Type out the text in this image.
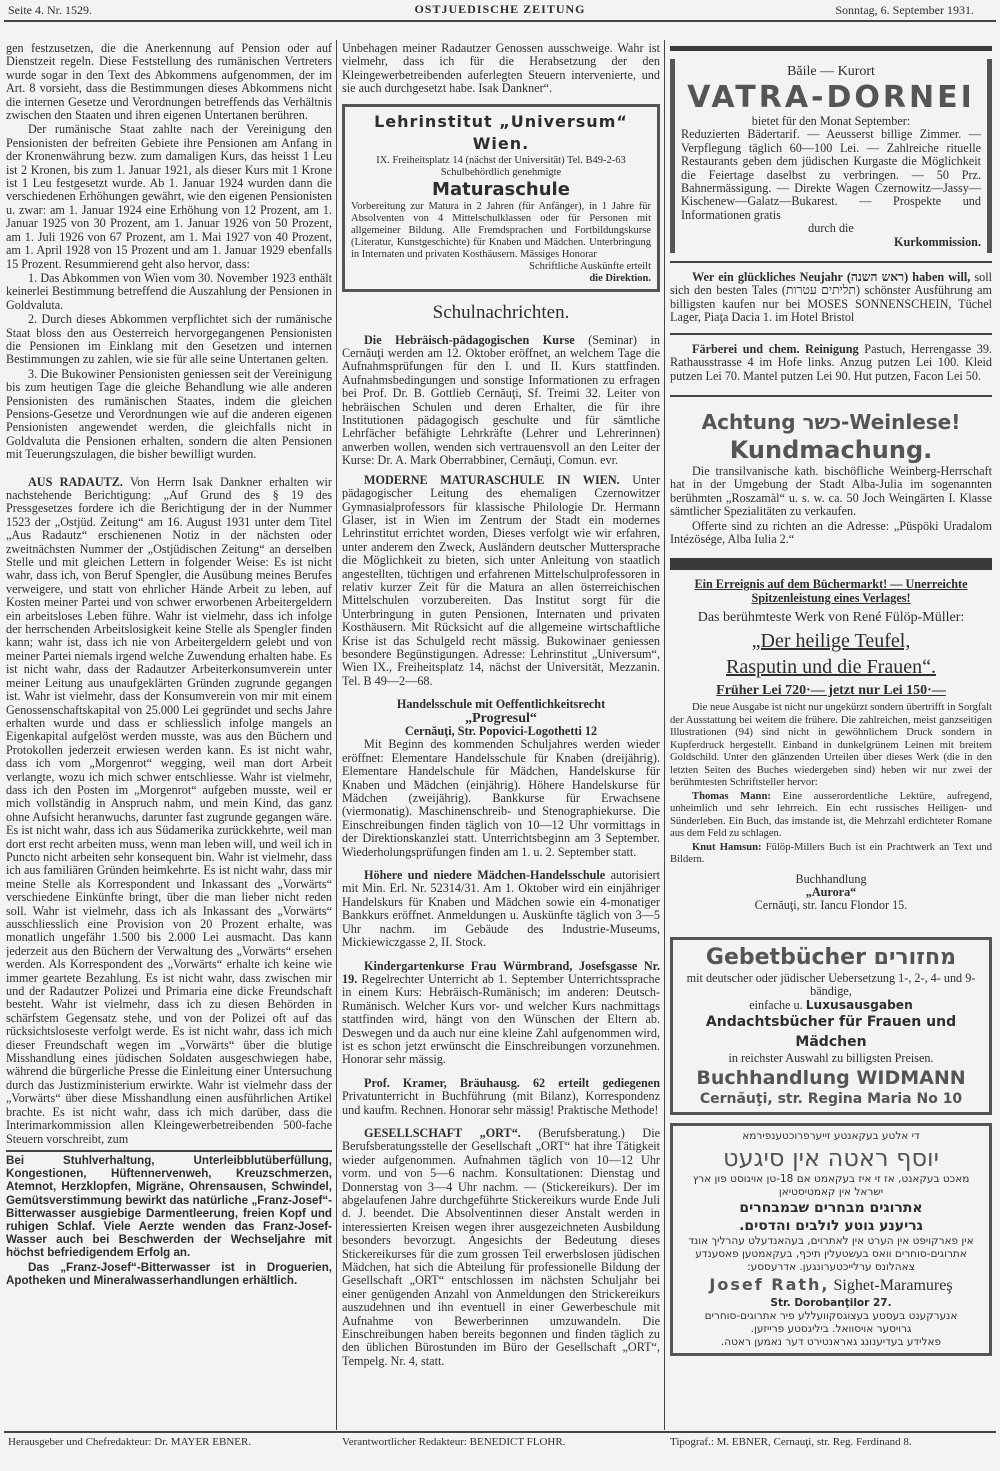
Seite 4. Nr. 1529.	OSTJUEDISCHE ZEITUNG	Sonntag, 6. September 1931.

gen festzusetzen, die die Anerkennung auf Pension oder auf Dienstzeit regeln. Diese Feststellung des rumänischen Vertreters wurde sogar in den Text des Abkommens aufgenommen, der im Art. 8 vorsieht, dass die Bestimmungen dieses Abkommens nicht die internen Gesetze und Verordnungen betreffends das Verhältnis zwischen den Staaten und ihren eigenen Untertanen berühren.

Der rumänische Staat zahlte nach der Vereinigung den Pensionisten der befreiten Gebiete ihre Pensionen am Anfang in der Kronenwährung bezw. zum damaligen Kurs, das heisst 1 Leu ist 2 Kronen, bis zum 1. Januar 1921, als dieser Kurs mit 1 Krone ist 1 Leu festgesetzt wurde. Ab 1. Januar 1924 wurden dann die verschiedenen Erhöhungen gewährt, wie den eigenen Pensionisten u. zwar: am 1. Januar 1924 eine Erhöhung von 12 Prozent, am 1. Januar 1925 von 30 Prozent, am 1. Januar 1926 von 50 Prozent, am 1. Juli 1926 von 67 Prozent, am 1. Mai 1927 von 40 Prozent, am 1. April 1928 von 15 Prozent und am 1. Januar 1929 ebenfalls 15 Prozent. Resummierend geht also hervor, dass:

1. Das Abkommen von Wien vom 30. November 1923 enthält keinerlei Bestimmung betreffend die Auszahlung der Pensionen in Goldvaluta.

2. Durch dieses Abkommen verpflichtet sich der rumänische Staat bloss den aus Oesterreich hervorgegangenen Pensionisten die Pensionen im Einklang mit den Gesetzen und internen Bestimmungen zu zahlen, wie sie für alle seine Untertanen gelten.

3. Die Bukowiner Pensionisten geniessen seit der Vereinigung bis zum heutigen Tage die gleiche Behandlung wie alle anderen Pensionisten des rumänischen Staates, indem die gleichen Pensions-Gesetze und Verordnungen wie auf die anderen eigenen Pensionisten angewendet werden, die gleichfalls nicht in Goldvaluta die Pensionen erhalten, sondern die alten Pensionen mit Teuerungszulagen, die bisher bewilligt wurden.

AUS RADAUTZ. Von Herrn Isak Dankner erhalten wir nachstehende Berichtigung: „Auf Grund des § 19 des Pressgesetzes fordere ich die Berichtigung der in der Nummer 1523 der „Ostjüd. Zeitung“ am 16. August 1931 unter dem Titel „Aus Radautz“ erschienenen Notiz in der nächsten oder zweitnächsten Nummer der „Ostjüdischen Zeitung“ an derselben Stelle und mit gleichen Lettern in folgender Weise: Es ist nicht wahr, dass ich, von Beruf Spengler, die Ausübung meines Berufes verweigere, und statt von ehrlicher Hände Arbeit zu leben, auf Kosten meiner Partei und von schwer erworbenen Arbeitergeldern ein arbeitsloses Leben führe. Wahr ist vielmehr, dass ich infolge der herrschenden Arbeitslosigkeit keine Stelle als Spengler finden kann; wahr ist, dass ich nie von Arbeitergeldern gelebt und von meiner Partei niemals irgend welche Zuwendung erhalten habe. Es ist nicht wahr, dass der Radautzer Arbeiterkonsumverein unter meiner Leitung aus unaufgeklärten Gründen zugrunde gegangen ist. Wahr ist vielmehr, dass der Konsumverein von mir mit einem Genossenschaftskapital von 25.000 Lei gegründet und sechs Jahre erhalten wurde und dass er schliesslich infolge mangels an Eigenkapital aufgelöst werden musste, was aus den Büchern und Protokollen jederzeit erwiesen werden kann. Es ist nicht wahr, dass ich vom „Morgenrot“ wegging, weil man dort Arbeit verlangte, wozu ich mich schwer entschliesse. Wahr ist vielmehr, dass ich den Posten im „Morgenrot“ aufgeben musste, weil er mich vollständig in Anspruch nahm, und mein Kind, das ganz ohne Aufsicht heranwuchs, darunter fast zugrunde gegangen wäre. Es ist nicht wahr, dass ich aus Südamerika zurückkehrte, weil man dort erst recht arbeiten muss, wenn man leben will, und weil ich in Puncto nicht arbeiten sehr konsequent bin. Wahr ist vielmehr, dass ich aus familiären Gründen heimkehrte. Es ist nicht wahr, dass mir meine Stelle als Korrespondent und Inkassant des „Vorwärts“ verschiedene Einkünfte bringt, über die man lieber nicht reden soll. Wahr ist vielmehr, dass ich als Inkassant des „Vorwärts“ ausschliesslich eine Provision von 20 Prozent erhalte, was monatlich ungefähr 1.500 bis 2.000 Lei ausmacht. Das kann jederzeit aus den Büchern der Verwaltung des „Vorwärts“ ersehen werden. Als Korrespondent des „Vorwärts“ erhalte ich keine wie immer geartete Bezahlung. Es ist nicht wahr, dass zwischen mir und der Radautzer Polizei und Primaria eine dicke Freundschaft besteht. Wahr ist vielmehr, dass ich zu diesen Behörden in schärfstem Gegensatz stehe, und von der Polizei oft auf das rücksichtsloseste verfolgt werde. Es ist nicht wahr, dass ich mich dieser Freundschaft wegen im „Vorwärts“ über die blutige Misshandlung eines jüdischen Soldaten ausgeschwiegen habe, während die bürgerliche Presse die Einleitung einer Untersuchung durch das Justizministerium erwirkte. Wahr ist vielmehr dass der „Vorwärts“ über diese Misshandlung einen ausführlichen Artikel brachte. Es ist nicht wahr, dass ich mich darüber, dass die Interimarkommission allen Kleingewerbetreibenden 500-fache Steuern vorschreibt, zum

Bei Stuhlverhaltung, Unterleibblutüberfüllung, Kongestionen, Hüftennervenweh, Kreuzschmerzen, Atemnot, Herzklopfen, Migräne, Ohrensausen, Schwindel, Gemütsverstimmung bewirkt das natürliche „Franz-Josef“-Bitterwasser ausgiebige Darmentleerung, freien Kopf und ruhigen Schlaf. Viele Aerzte wenden das Franz-Josef-Wasser auch bei Beschwerden der Wechseljahre mit höchst befriedigendem Erfolg an.

Das „Franz-Josef“-Bitterwasser ist in Droguerien, Apotheken und Mineralwasserhandlungen erhältlich.

Unbehagen meiner Radautzer Genossen ausschweige. Wahr ist vielmehr, dass ich für die Herabsetzung der den Kleingewerbetreibenden auferlegten Steuern intervenierte, und sie auch durchgesetzt habe. Isak Dankner“.

Lehrinstitut „Universum“ Wien.
IX. Freiheitsplatz 14 (nächst der Universität) Tel. B49-2-63
Schulbehördlich genehmigte
Maturaschule

Vorbereitung zur Matura in 2 Jahren (für Anfänger), in 1 Jahre für Absolventen von 4 Mittelschulklassen oder für Personen mit allgemeiner Bildung. Alle Fremdsprachen und Fortbildungskurse (Literatur, Kunstgeschichte) für Knaben und Mädchen. Unterbringung in Internaten und privaten Kosthäusern. Mässiges Honorar

Schriftliche Auskünfte erteilt
die Direktion.
Schulnachrichten.

Die Hebräisch-pädagogischen Kurse (Seminar) in Cernăuţi werden am 12. Oktober eröffnet, an welchem Tage die Aufnahmsprüfungen für den I. und II. Kurs stattfinden. Aufnahmsbedingungen und sonstige Informationen zu erfragen bei Prof. Dr. B. Gottlieb Cernăuţi, Sf. Treimi 32. Leiter von hebräischen Schulen und deren Erhalter, die für ihre Institutionen pädagogisch geschulte und für sämtliche Lehrfächer befähigte Lehrkräfte (Lehrer und Lehrerinnen) anwerben wollen, wenden sich vertrauensvoll an den Leiter der Kurse: Dr. A. Mark Oberrabbiner, Cernăuţi, Comun. evr.

MODERNE MATURASCHULE IN WIEN. Unter pädagogischer Leitung des ehemaligen Czernowitzer Gymnasialprofessors für klassische Philologie Dr. Hermann Glaser, ist in Wien im Zentrum der Stadt ein modernes Lehrinstitut errichtet worden, Dieses verfolgt wie wir erfahren, unter anderem den Zweck, Ausländern deutscher Muttersprache die Möglichkeit zu bieten, sich unter Anleitung von staatlich angestellten, tüchtigen und erfahrenen Mittelschulprofessoren in relativ kurzer Zeit für die Matura an allen österreichischen Mittelschulen vorzubereiten. Das Institut sorgt für die Unterbringung in guten Pensionen, Internaten und privaten Kosthäusern. Mit Rücksicht auf die allgemeine wirtschaftliche Krise ist das Schulgeld recht mässig. Bukowinaer geniessen besondere Begünstigungen. Adresse: Lehrinstitut „Universum“, Wien IX., Freiheitsplatz 14, nächst der Universität, Mezzanin. Tel. B 49—2—68.

Handelsschule mit Oeffentlichkeitsrecht
„Progresul“
Cernăuţi, Str. Popovici-Logothetti 12

Mit Beginn des kommenden Schuljahres werden wieder eröffnet: Elementare Handelsschule für Knaben (dreijährig). Elementare Handelschule für Mädchen, Handelskurse für Knaben und Mädchen (einjährig). Höhere Handelskurse für Mädchen (zweijährig). Bankkurse für Erwachsene (viermonatig). Maschinenschreib- und Stenographiekurse. Die Einschreibungen finden täglich von 10—12 Uhr vormittags in der Direktionskanzlei statt. Unterrichtsbeginn am 3 September. Wiederholungsprüfungen finden am 1. u. 2. September statt.

Höhere und niedere Mädchen-Handelsschule autorisiert mit Min. Erl. Nr. 52314/31. Am 1. Oktober wird ein einjähriger Handelskurs für Knaben und Mädchen sowie ein 4-monatiger Bankkurs eröffnet. Anmeldungen u. Auskünfte täglich von 3—5 Uhr nachm. im Gebäude des Industrie-Museums, Mickiewiczgasse 2, II. Stock.

Kindergartenkurse Frau Würmbrand, Josefsgasse Nr. 19. Regelrechter Unterricht ab 1. September Unterrichtssprache in einem Kurs: Hebräisch-Rumänisch; im anderen: Deutsch-Rumänisch. Welcher Kurs vor- und welcher Kurs nachmittags stattfinden wird, hängt von den Wünschen der Eltern ab. Deswegen und da auch nur eine kleine Zahl aufgenommen wird, ist es schon jetzt erwünscht die Einschreibungen vorzunehmen. Honorar sehr mässig.

Prof. Kramer, Bräuhausg. 62 erteilt gediegenen Privatunterricht in Buchführung (mit Bilanz), Korrespondenz und kaufm. Rechnen. Honorar sehr mässig! Praktische Methode!

GESELLSCHAFT „ORT“. (Berufsberatung.) Die Berufsberatungsstelle der Gesellschaft „ORT“ hat ihre Tätigkeit wieder aufgenommen. Aufnahmen täglich von 10—12 Uhr vorm. und von 5—6 nachm. Konsultationen: Dienstag und Donnerstag von 3—4 Uhr nachm. — (Stickereikurs). Der im abgelaufenen Jahre durchgeführte Stickereikurs wurde Ende Juli d. J. beendet. Die Absolventinnen dieser Anstalt werden in interessierten Kreisen wegen ihrer ausgezeichneten Ausbildung besonders bevorzugt. Angesichts der Bedeutung dieses Stickereikurses für die zum grossen Teil erwerbslosen jüdischen Mädchen, hat sich die Abteilung für professionelle Bildung der Gesellschaft „ORT“ entschlossen im nächsten Schuljahr bei einer genügenden Anzahl von Anmeldungen den Strickereikurs auszudehnen und ihn eventuell in einer Gewerbeschule mit Aufnahme von Bewerberinnen umzuwandeln. Die Einschreibungen haben bereits begonnen und finden täglich zu den üblichen Bürostunden im Büro der Gesellschaft „ORT“, Tempelg. Nr. 4, statt.

Băile — Kurort
VATRA-DORNEI
bietet für den Monat September:

Reduzierten Bädertarif. — Aeusserst billige Zimmer. — Verpflegung täglich 60—100 Lei. — Zahlreiche rituelle Restaurants geben dem jüdischen Kurgaste die Möglichkeit die Feiertage daselbst zu verbringen. — 50 Prz. Bahnermässigung. — Direkte Wagen Czernowitz—Jassy—Kischenew—Galatz—Bukarest. — Prospekte und Informationen gratis

durch die
Kurkommission.

Wer ein glückliches Neujahr (ראש השנה) haben will, soll sich den besten Tales (תליתים עטרות) schönster Ausführung am billigsten kaufen nur bei MOSES SONNENSCHEIN, Tüchel Lager, Piaţa Dacia 1. im Hotel Bristol

Färberei und chem. Reinigung Pastuch, Herrengasse 39. Rathausstrasse 4 im Hofe links. Anzug putzen Lei 100. Kleid putzen Lei 70. Mantel putzen Lei 90. Hut putzen, Facon Lei 50.

Achtung כשר-Weinlese!
Kundmachung.

Die transilvanische kath. bischöfliche Weinberg-Herrschaft hat in der Umgebung der Stadt Alba-Julia im sogenannten berühmten „Roszamàl“ u. s. w. ca. 50 Joch Weingärten I. Klasse sämtlicher Spezialitäten zu verkaufen.

Offerte sind zu richten an die Adresse: „Püspöki Uradalom Intézösége, Alba Iulia 2.“

Ein Erreignis auf dem Büchermarkt! — Unerreichte
Spitzenleistung eines Verlages!
Das berühmteste Werk von René Fülöp-Müller:
„Der heilige Teufel,
Rasputin und die Frauen“.
Früher Lei 720·— jetzt nur Lei 150·—

Die neue Ausgabe ist nicht nur ungekürzt sondern übertrifft in Sorgfalt der Ausstattung bei weitem die frühere. Die zahlreichen, meist ganzseitigen Illustrationen (94) sind nicht in gewöhnlichem Druck sondern in Kupferdruck hergestellt. Einband in dunkelgrünem Leinen mit breitem Goldschild. Unter den glänzenden Urteilen über dieses Werk (die in den letzten Seiten des Buches wiedergeben sind) heben wir nur zwei der berühmtesten Schriftsteller hervor:

Thomas Mann: Eine ausserordentliche Lektüre, aufregend, unheimlich und sehr lehrreich. Ein echt russisches Heiligen- und Sünderleben. Ein Buch, das imstande ist, die Mehrzahl erdichteter Romane aus dem Feld zu schlagen.

Knut Hamsun: Fülöp-Millers Buch ist ein Prachtwerk an Text und Bildern.

Buchhandlung
„Aurora“
Cernăuţi, str. Iancu Flondor 15.
Gebetbücher מחזורים
mit deutscher oder jüdischer Uebersetzung 1-, 2-, 4- und 9-bändige,
einfache u. Luxusausgaben
Andachtsbücher für Frauen und Mädchen
in reichster Auswahl zu billigsten Preisen.
Buchhandlung WIDMANN
Cernăuţi, str. Regina Maria No 10
די אלטע בעקאנטע זייערפרוכטענפירמא
יוסף ראטה אין סיגעט
מאכט בעקאנט, אז זי איז בעקאמט אם 18-טן אויגוסט פון ארץ ישראל אין קאמטיסטיאן
אתרוגים מבחרים שבמבחרים
גריענע גוטע לולבים והדסים.
אין פארקויפט אין הערט אין לאתרוים, בעהאנדעלט עהרליך אונד אתרוגים-סוחרים וואס בעשטעלין תיכף, בעקאמטען פאסענדע צאהלונס ערלייכטערונגען. אדרעססע:
Josef Rath, Sighet-Maramureş
Str. Dorobanţilor 27.
אנערקענט בעסטע בעצוגסקוועללע פיר אתרוגים-סוחרים
גרויסער אויסוואל. ביליגסטע פרייזען.
פאלידע בעדיענונג גאראנטירט דער נאמען ראטה.
Herausgeber und Chefredakteur: Dr. MAYER EBNER.	Verantwortlicher Redakteur: BENEDICT FLOHR.	Tipograf.: M. EBNER, Cernauţi, str. Reg. Ferdinand 8.
